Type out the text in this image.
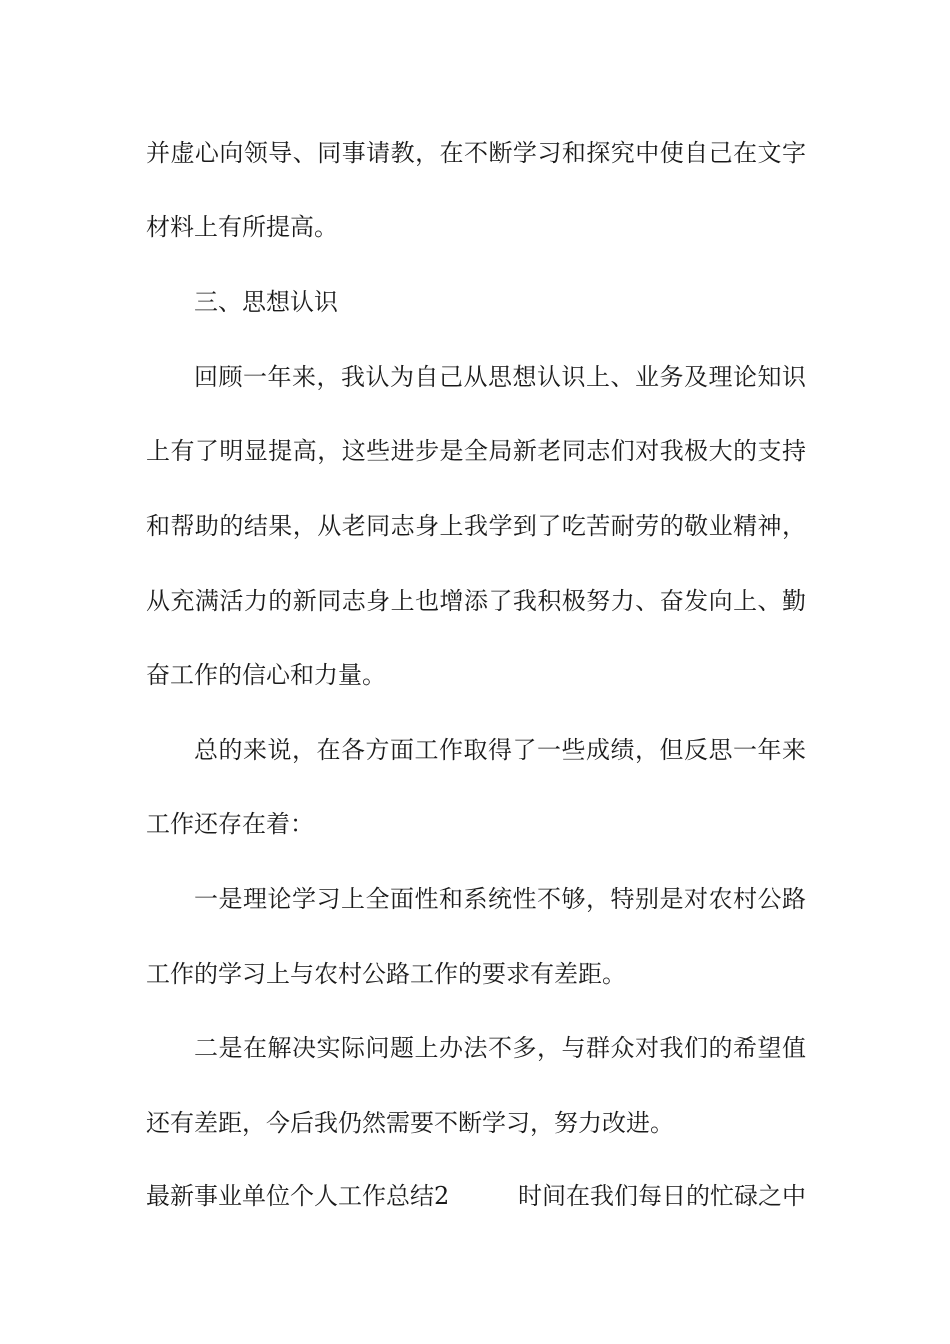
并虚心向领导、同事请教，在不断学习和探究中使自己在文字
材料上有所提高。
三、思想认识
回顾一年来，我认为自己从思想认识上、业务及理论知识
上有了明显提高，这些进步是全局新老同志们对我极大的支持
和帮助的结果，从老同志身上我学到了吃苦耐劳的敬业精神，
从充满活力的新同志身上也增添了我积极努力、奋发向上、勤
奋工作的信心和力量。
总的来说，在各方面工作取得了一些成绩，但反思一年来
工作还存在着：
一是理论学习上全面性和系统性不够，特别是对农村公路
工作的学习上与农村公路工作的要求有差距。
二是在解决实际问题上办法不多，与群众对我们的希望值
还有差距，今后我仍然需要不断学习，努力改进。
最新事业单位个人工作总结2	时间在我们每日的忙碌之中
